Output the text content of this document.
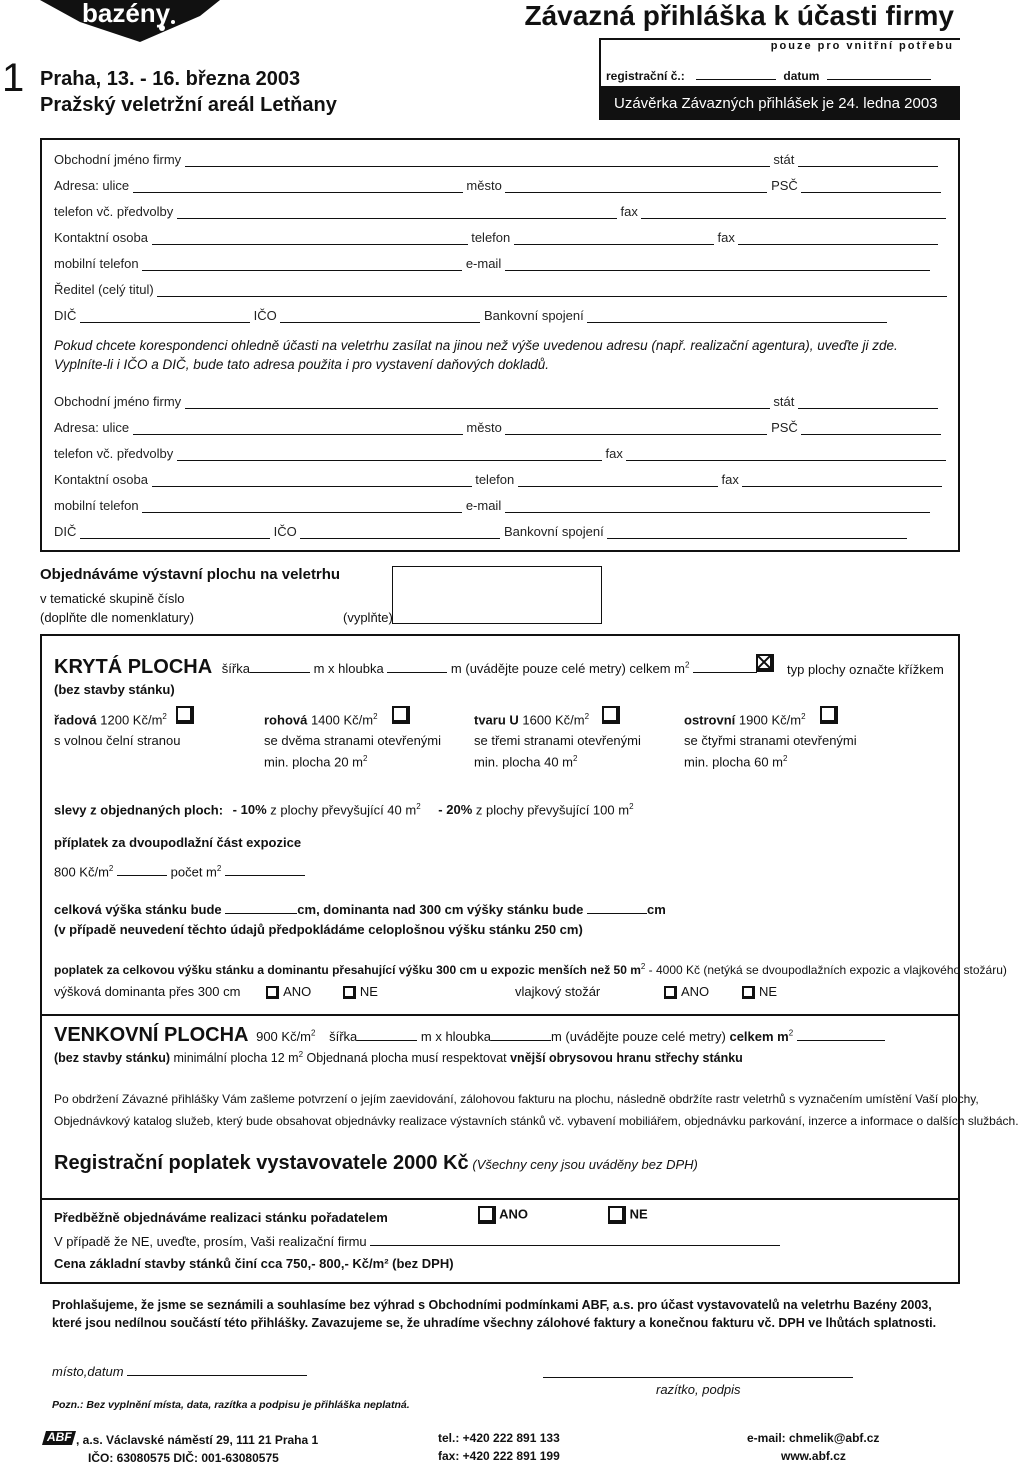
bazény
1 Praha, 13. - 16. března 2003
Pražský veletržní areál Letňany
Závazná přihláška k účasti firmy
pouze pro vnitřní potřebu
registrační č.:	datum
Uzávěrka Závazných přihlášek je 24. ledna 2003
Obchodní jméno firmy	stát
Adresa: ulice	město	PSČ
telefon vč. předvolby	fax
Kontaktní osoba	telefon	fax
mobilní telefon	e-mail
Ředitel (celý titul)
DIČ	IČO	Bankovní spojení
Pokud chcete korespondenci ohledně účasti na veletrhu zasílat na jinou než výše uvedenou adresu (např. realizační agentura), uveďte ji zde.
Vyplníte-li i IČO a DIČ, bude tato adresa použita i pro vystavení daňových dokladů.
Obchodní jméno firmy	stát
Adresa: ulice	město	PSČ
telefon vč. předvolby	fax
Kontaktní osoba	telefon	fax
mobilní telefon	e-mail
DIČ	IČO	Bankovní spojení
Objednáváme výstavní plochu na veletrhu
v tematické skupině číslo
(doplňte dle nomenklatury)	(vyplňte)
KRYTÁ PLOCHA šířka	m x hloubka	m (uvádějte pouze celé metry) celkem $m^2$	typ plochy označte křížkem
(bez stavby stánku)
řadová 1200 $Kč/m^2$
s volnou čelní stranou
rohová 1400 $Kč/m^2$
se dvěma stranami otevřenými
min. plocha 20 $m^2$
tvaru U 1600 $Kč/m^2$
se třemi stranami otevřenými
min. plocha 40 $m^2$
ostrovní 1900 $Kč/m^2$
se čtyřmi stranami otevřenými
min. plocha 60 $m^2$
slevy z objednaných ploch: - 10% z plochy převyšující 40 $m^2 - 20\%$ z plochy převyšující 100 $m^2$
příplatek za dvoupodlažní část expozice
800 $Kč/m^2$	počet $m^2$
celková výška stánku bude	cm, dominanta nad 300 cm výšky stánku bude	cm
(v případě neuvedení těchto údajů předpokládáme celoplošnou výšku stánku 250 cm)
poplatek za celkovou výšku stánku a dominantu přesahující výšku 300 cm u expozic menších než 50 $m^2 - 4000$ Kč (netýká se dvoupodlažních expozic a vlajkového stožáru)
výšková dominanta přes 300 cm	ANO	NE	vlajkový stožár	ANO	NE
VENKOVNÍ PLOCHA 900 $Kč/m^2$ šířka	m x hloubka	m (uvádějte pouze celé metry) celkem $m^2$
(bez stavby stánku) minimální plocha 12 $m^2$ Objednaná plocha musí respektovat vnější obrysovou hranu střechy stánku
Po obdržení Závazné přihlášky Vám zašleme potvrzení o jejím zaevidování, zálohovou fakturu na plochu, následně obdržíte rastr veletrhů s vyznačením umístění Vaší plochy,
Objednávkový katalog služeb, který bude obsahovat objednávky realizace výstavních stánků vč. vybavení mobiliářem, objednávku parkování, inzerce a informace o dalších službách.
Registrační poplatek vystavovatele 2000 Kč (Všechny ceny jsou uváděny bez DPH)
Předběžně objednáváme realizaci stánku pořadatelem	ANO	NE
V případě že NE, uveďte, prosím, Vaši realizační firmu
Cena základní stavby stánků činí cca 750,- 800,- Kč/m² (bez DPH)
Prohlašujeme, že jsme se seznámili a souhlasíme bez výhrad s Obchodními podmínkami ABF, a.s. pro účast vystavovatelů na veletrhu Bazény 2003,
které jsou nedílnou součástí této přihlášky. Zavazujeme se, že uhradíme všechny zálohové faktury a konečnou fakturu vč. DPH ve lhůtách splatnosti.
místo,datum
razítko, podpis
Pozn.: Bez vyplnění místa, data, razítka a podpisu je přihláška neplatná.
ABF , a.s. Václavské náměstí 29, 111 21 Praha 1
IČO: 63080575 DIČ: 001-63080575
tel.: +420 222 891 133
fax: +420 222 891 199
e-mail: chmelik@abf.cz
www.abf.cz
